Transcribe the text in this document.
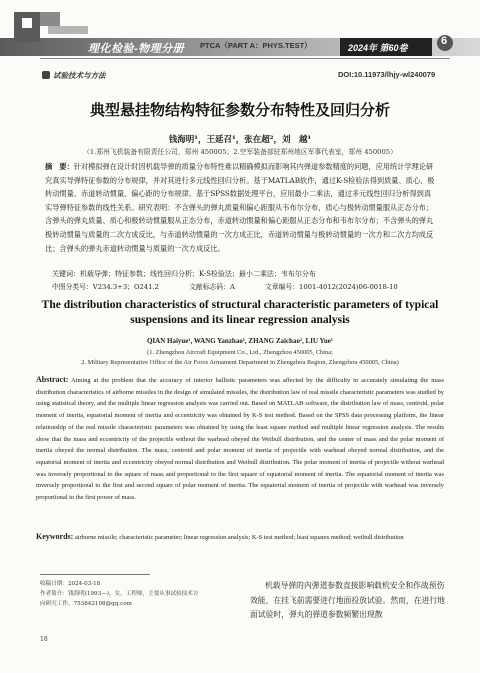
理化检验-物理分册 PTCA（PART A：PHYS.TEST）	2024年 第60卷
6
试验技术与方法	DOI:10.11973/lhjy-wl240079
典型悬挂物结构特征参数分布特性及回归分析
钱海明¹，王延召¹，张在超²，刘　越¹
（1.郑州飞机装备有限责任公司，郑州 450005；2.空军装备部驻郑州地区军事代表室，郑州 450005）
摘　要：针对模拟弹在设计时因机载导弹的质量分布特性难以精确模拟而影响其内弹道参数精度的问题，应用统计学理论研究真实导弹特征参数的分布规律，并对其进行多元线性回归分析。基于MATLAB软件，通过K-S检验法得到质量、质心、极转动惯量、赤道转动惯量、偏心距的分布规律。基于SPSS数据处理平台，应用最小二乘法，通过多元线性回归分析得到真实导弹特征参数的线性关系。研究表明：不含弹头的弹丸质量和偏心距服从韦布尔分布，质心与极转动惯量服从正态分布；含弹头的弹丸质量、质心和极转动惯量服从正态分布，赤道转动惯量和偏心距服从正态分布和韦布尔分布；不含弹头的弹丸极转动惯量与质量的二次方成反比，与赤道转动惯量的一次方成正比，赤道转动惯量与极转动惯量的一次方和二次方均成反比；含弹头的弹丸赤道转动惯量与质量的一次方成反比。
关键词：机载导弹；特征参数；线性回归分析；K-S检验法；最小二乘法；韦布尔分布
中图分类号：V234.3+3；O241.2	文献标志码：A	文章编号：1001-4012(2024)06-0018-10
The distribution characteristics of structural characteristic parameters of typical suspensions and its linear regression analysis
QIAN Haiyue¹, WANG Yanzhao¹, ZHANG Zaichao², LIU Yue¹
(1. Zhengzhou Aircraft Equipment Co., Ltd., Zhengzhou 450005, China;
2. Military Representative Office of the Air Force Armament Department in Zhengzhou Region, Zhengzhou 450005, China)
Abstract: Aiming at the problem that the accuracy of interior ballistic parameters was affected by the difficulty in accurately simulating the mass distribution characteristics of airborne missiles in the design of simulated missiles, the distribution law of real missile characteristic parameters was studied by using statistical theory, and the multiple linear regression analysis was carried out. Based on MATLAB software, the distribution law of mass, centroid, polar moment of inertia, equatorial moment of inertia and eccentricity was obtained by K-S test method. Based on the SPSS data processing platform, the linear relationship of the real missile characteristic parameters was obtained by using the least square method and multiple linear regression analysis. The results show that the mass and eccentricity of the projectile without the warhead obeyed the Weibull distribution, and the center of mass and the polar moment of inertia obeyed the normal distribution. The mass, centroid and polar moment of inertia of projectile with warhead obeyed normal distribution, and the equatorial moment of inertia and eccentricity obeyed normal distribution and Weibull distribution. The polar moment of inertia of projectile without warhead was inversely proportional to the square of mass and proportional to the first square of equatorial moment of inertia. The equatorial moment of inertia was inversely proportional to the first and second square of polar moment of inertia. The equatorial moment of inertia of projectile with warhead was inversely proportional to the first power of mass.
Keywords: airborne missile; characteristic parameter; linear regression analysis; K-S test method; least squares method; weibull distribution
收稿日期：2024-03-18
作者简介：钱海明(1993—)，女，工程师，主要从事试验技术方
向研究工作，753842108@qq.com
18
机载导弹的内弹道参数直接影响载机安全和作战预伤效能，在挂飞前需要进行地面投放试验。然而，在进行地面试验时，弹丸的弹道参数频繁出现散
